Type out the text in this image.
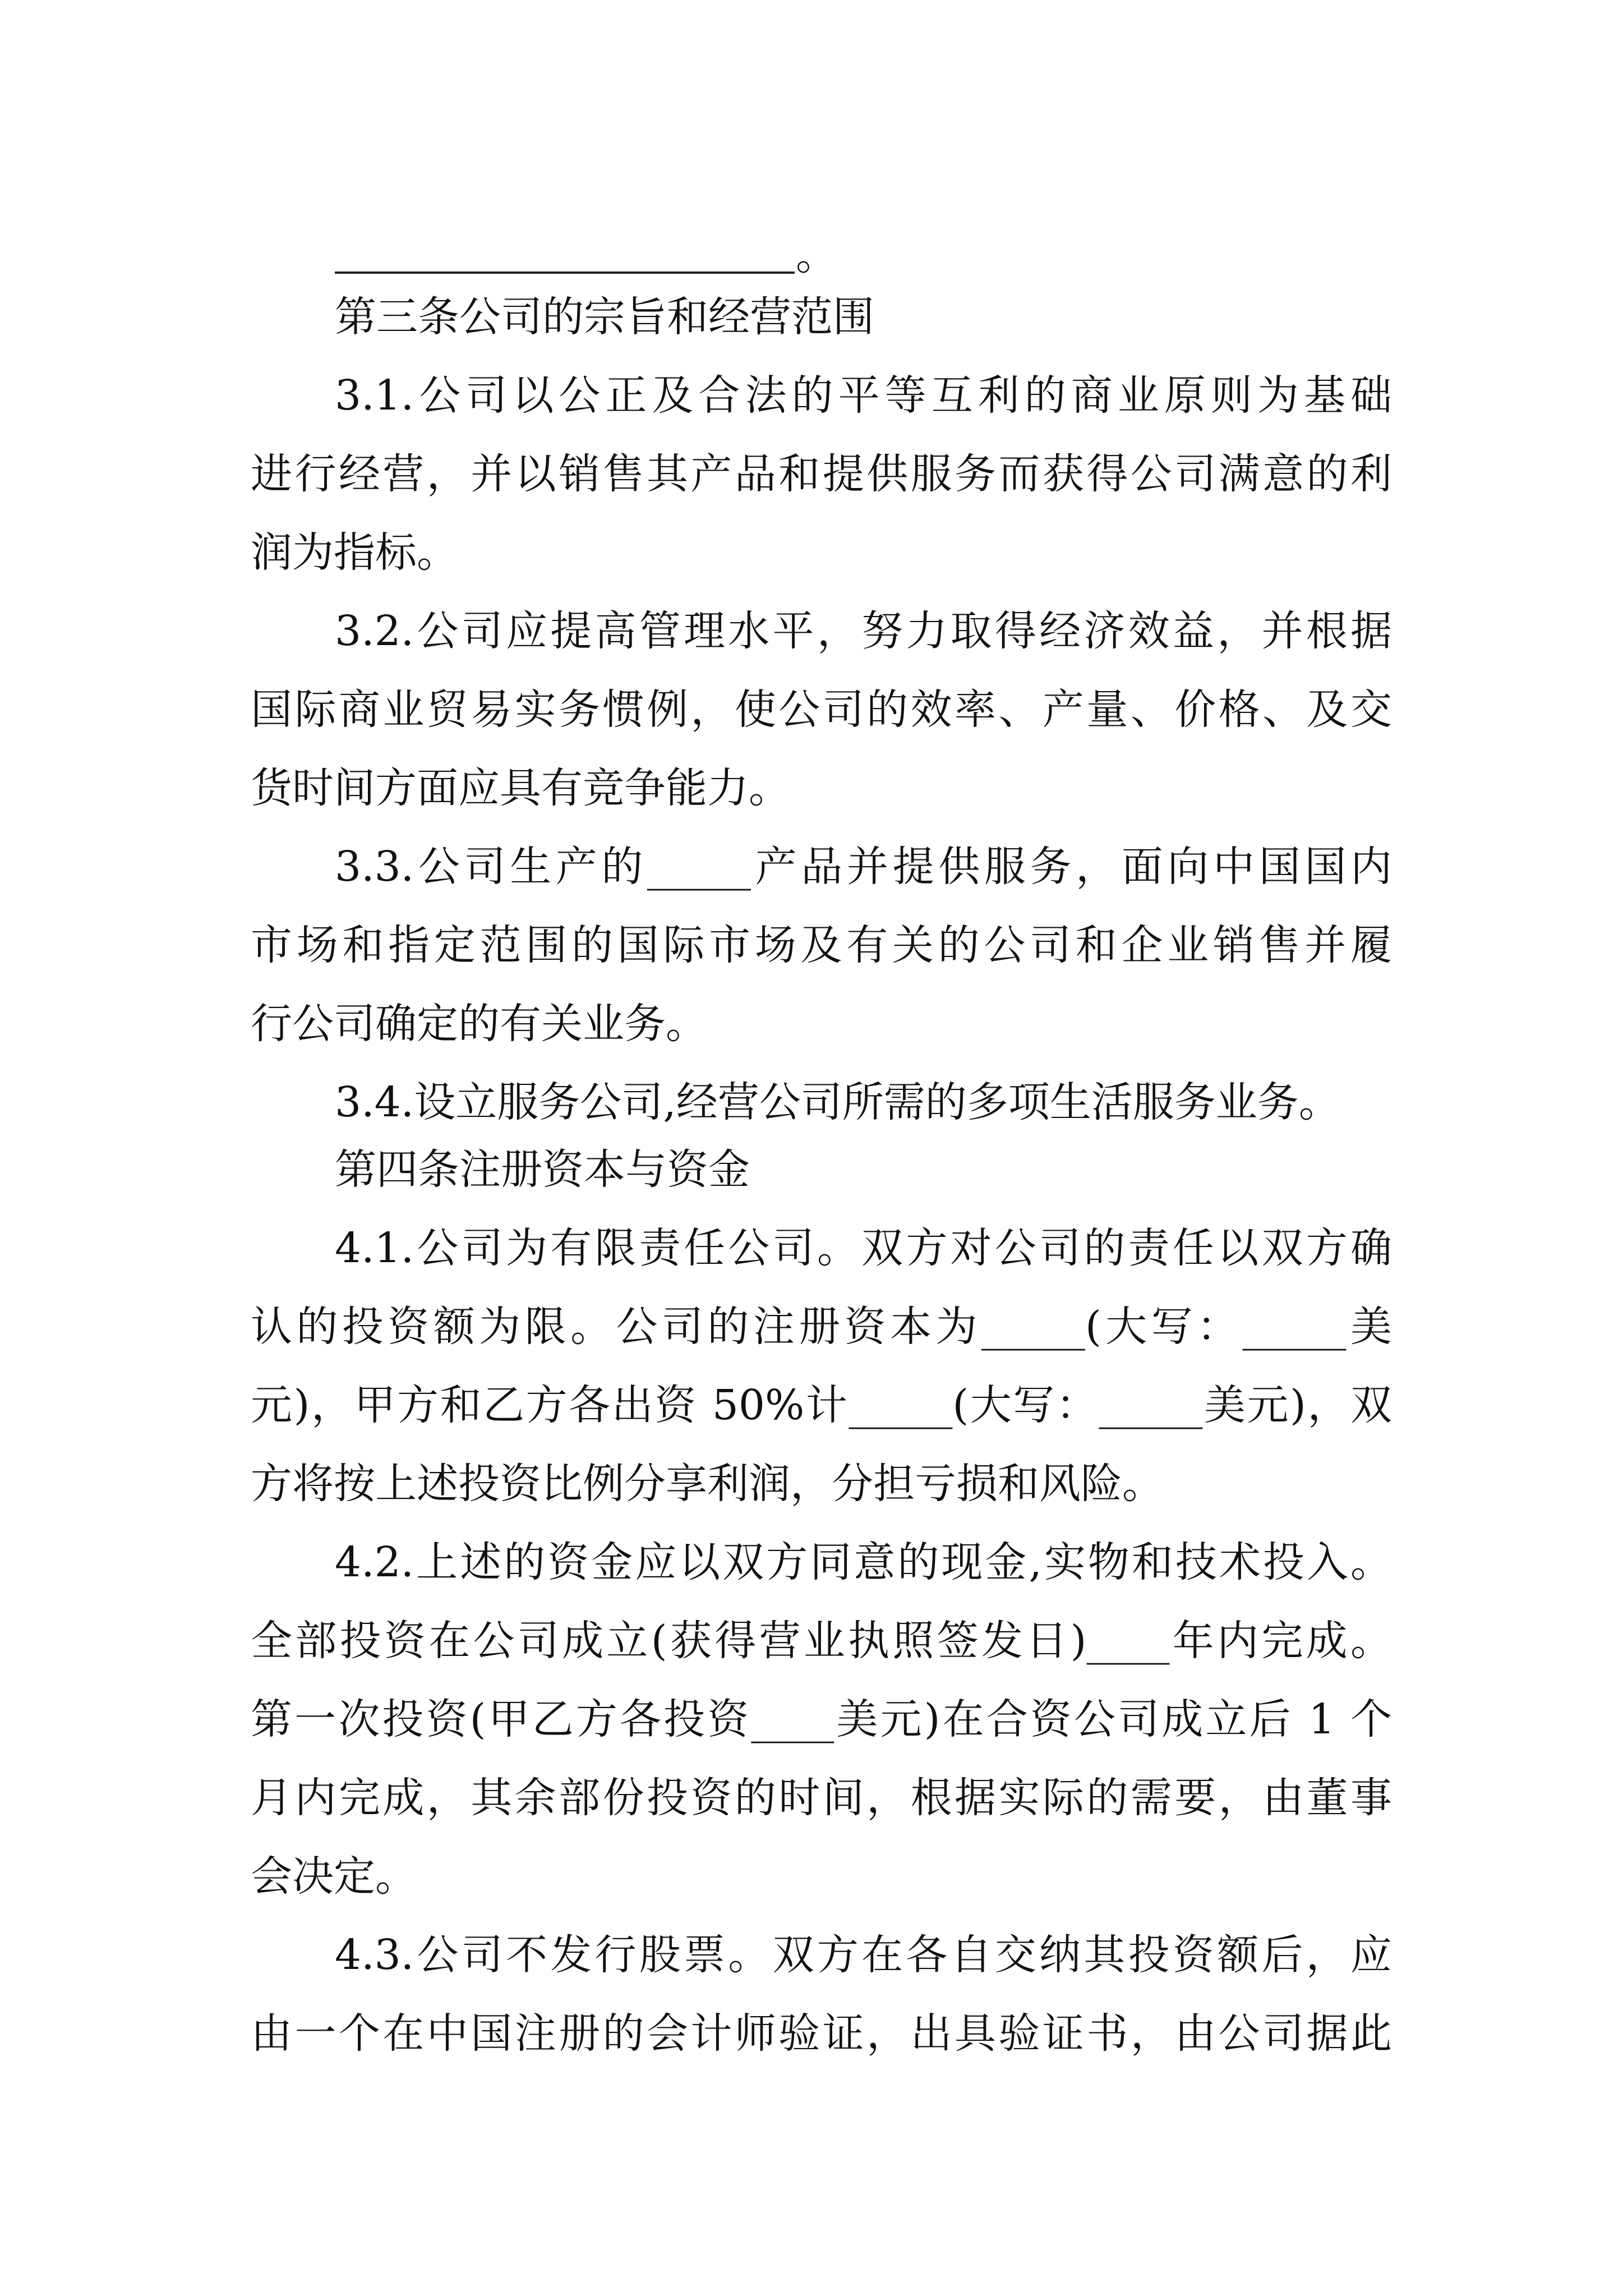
。
第三条公司的宗旨和经营范围
3.1.公司以公正及合法的平等互利的商业原则为基础
进行经营，并以销售其产品和提供服务而获得公司满意的利
润为指标。
3.2.公司应提高管理水平，努力取得经济效益，并根据
国际商业贸易实务惯例，使公司的效率、产量、价格、及交
货时间方面应具有竞争能力。
3.3.公司生产的_____产品并提供服务，面向中国国内
市场和指定范围的国际市场及有关的公司和企业销售并履
行公司确定的有关业务。
3.4.设立服务公司,经营公司所需的多项生活服务业务。
第四条注册资本与资金
4.1.公司为有限责任公司。双方对公司的责任以双方确
认的投资额为限。公司的注册资本为_____(大写：_____美
元)，甲方和乙方各出资 50%计_____(大写：_____美元)，双
方将按上述投资比例分享利润，分担亏损和风险。
4.2.上述的资金应以双方同意的现金,实物和技术投入。
全部投资在公司成立(获得营业执照签发日)____年内完成。
第一次投资(甲乙方各投资____美元)在合资公司成立后 1 个
月内完成，其余部份投资的时间，根据实际的需要，由董事
会决定。
4.3.公司不发行股票。双方在各自交纳其投资额后，应
由一个在中国注册的会计师验证，出具验证书，由公司据此
